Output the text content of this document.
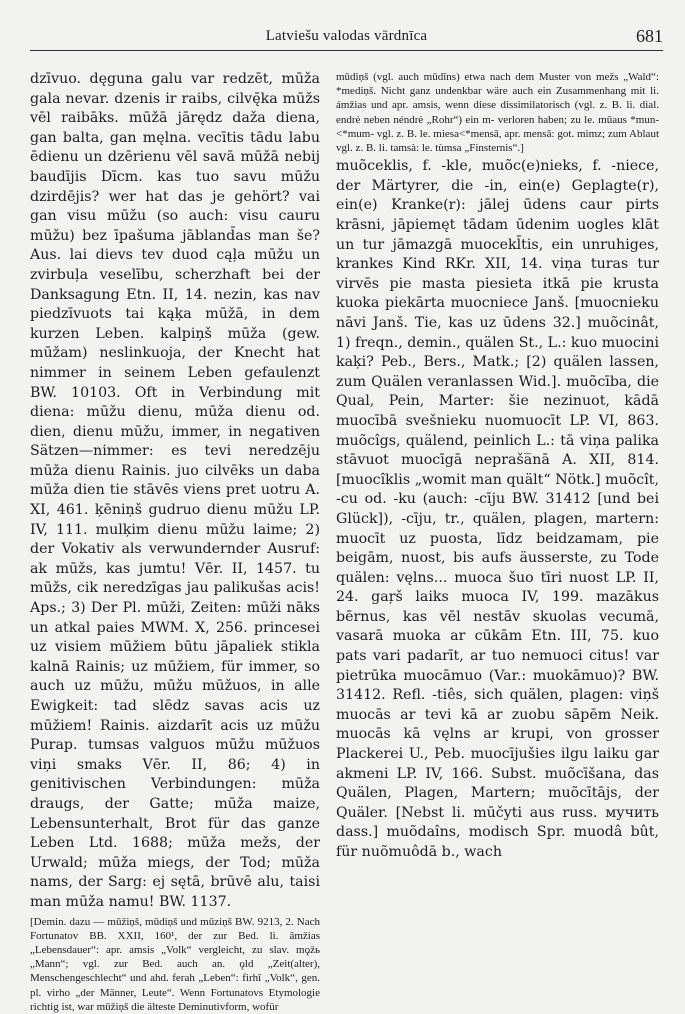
Latviešu valodas vārdnīca	681

dzīvuo. dęguna galu var redzēt, mūža gala nevar. dzenis ir raibs, cilvę̄ka mūžs vēl raibāks. mūžā jārędz daža diena, gan balta, gan męlna. vecītis tādu labu ēdienu un dzērienu vēl savā mūžā nebij baudījis Dīcm. kas tuo savu mūžu dzirdējis? wer hat das je gehört? vai gan visu mūžu (so auch: visu cauru mūžu) bez īpašuma jābland̄as man še? Aus. lai dievs tev duod cąļa mūžu un zvirbuļa veselību, scherzhaft bei der Danksagung Etn. II, 14. nezin, kas nav piedzīvuots tai kąķa mūžā, in dem kurzen Leben. kalpiņš mūža (gew. mūžam) neslinkuoja, der Knecht hat nimmer in seinem Leben gefaulenzt BW. 10103. Oft in Verbindung mit diena: mūžu dienu, mūža dienu od. dien, dienu mūžu, immer, in negativen Sätzen—nimmer: es tevi neredzēju mūža dienu Rainis. juo cilvēks un daba mūža dien tie stāvēs viens pret uotru A. XI, 461. ķēniņš gudruo dienu mūžu LP. IV, 111. mulķim dienu mūžu laime; 2) der Vokativ als verwundernder Ausruf: ak mūžs, kas jumtu! Vēr. II, 1457. tu mūžs, cik neredzīgas jau palikušas acis! Aps.; 3) Der Pl. mūži, Zeiten: mūži nāks un atkal paies MWM. X, 256. princesei uz visiem mūžiem būtu jāpaliek stikla kalnā Rainis; uz mūžiem, für immer, so auch uz mūžu, mūžu mūžuos, in alle Ewigkeit: tad slēdz savas acis uz mūžiem! Rainis. aizdarīt acis uz mūžu Purap. tumsas valguos mūžu mūžuos viņi smaks Vēr. II, 86; 4) in genitivischen Verbindungen: mūža draugs, der Gatte; mūža maize, Lebensunterhalt, Brot für das ganze Leben Ltd. 1688; mūža mežs, der Urwald; mūža miegs, der Tod; mūža nams, der Sarg: ej sętā, brūvē alu, taisi man mūža namu! BW. 1137.

[Demin. dazu — mūžiņš, mūdiņš und mūziņš BW. 9213, 2. Nach Fortunatov BB. XXII, 160¹, der zur Bed. li. āmžias „Lebensdauer“: apr. amsis „Volk“ vergleicht, zu slav. mǫžь „Mann“; vgl. zur Bed. auch an. ǫld „Zeit(alter), Menschengeschlecht“ und ahd. ferah „Leben“: firhī „Volk“, gen. pl. virho „der Männer, Leute“. Wenn Fortunatovs Etymologie richtig ist, war mūžiņš die älteste Deminutivform, wofür

mūdiņš (vgl. auch mūdīns) etwa nach dem Muster von mežs „Wald“: *mediņš. Nicht ganz undenkbar wäre auch ein Zusammenhang mit li. ámžias und apr. amsis, wenn diese dissimilatorisch (vgl. z. B. li. dial. endrė neben néndrė „Rohr“) ein m- verloren haben; zu le. mūaus *mun-<*mum- vgl. z. B. le. miesa<*mensā, apr. mensā: got. mimz; zum Ablaut vgl. z. B. li. tamsà: le. tùmsa „Finsternis“.]

muõceklis, f. -kle, muõc(e)nieks, f. -niece, der Märtyrer, die -in, ein(e) Geplagte(r), ein(e) Kranke(r): jālej ūdens caur pirts krāsni, jāpiemęt tādam ūdenim uogles klāt un tur jāmazgā muocekl̄tis, ein unruhiges, krankes Kind RKr. XII, 14. viņa turas tur virvēs pie masta piesieta itkā pie krusta kuoka piekārta muocniece Janš. [muocnieku nāvi Janš. Tie, kas uz ūdens 32.] muõcinât, 1) freqn., demin., quälen St., L.: kuo muocini kaķi? Peb., Bers., Matk.; [2) quälen lassen, zum Quälen veranlassen Wid.]. muõcība, die Qual, Pein, Marter: šie nezinuot, kādā muocībā svešnieku nuomuocīt LP. VI, 863. muõcîgs, quälend, peinlich L.: tā viņa palika stāvuot muocīgā nepraša̅nā A. XII, 814. [muocîklis „womit man quält“ Nötk.] muõcît, -cu od. -ku (auch: -cīju BW. 31412 [und bei Glück]), -cīju, tr., quälen, plagen, martern: muocīt uz puosta, līdz beidzamam, pie beigām, nuost, bis aufs äusserste, zu Tode quälen: vęlns... muoca šuo tīri nuost LP. II, 24. gaŗš laiks muoca IV, 199. mazākus bērnus, kas vēl nestāv skuolas vecumā, vasarā muoka ar cūkām Etn. III, 75. kuo pats vari padarīt, ar tuo nemuoci citus! var pietrūka muocāmuo (Var.: muokāmuo)? BW. 31412. Refl. -tiês, sich quälen, plagen: viņš muocās ar tevi kā ar zuobu sāpēm Neik. muocās kā vęlns ar krupi, von grosser Plackerei U., Peb. muocījušies ilgu laiku gar akmeni LP. IV, 166. Subst. muõcīšana, das Quälen, Plagen, Martern; muõcītājs, der Quäler. [Nebst li. mūčyti aus russ. мучить dass.] muõdaîns, modisch Spr. muodâ bût, für nuõmuôdā b., wach
